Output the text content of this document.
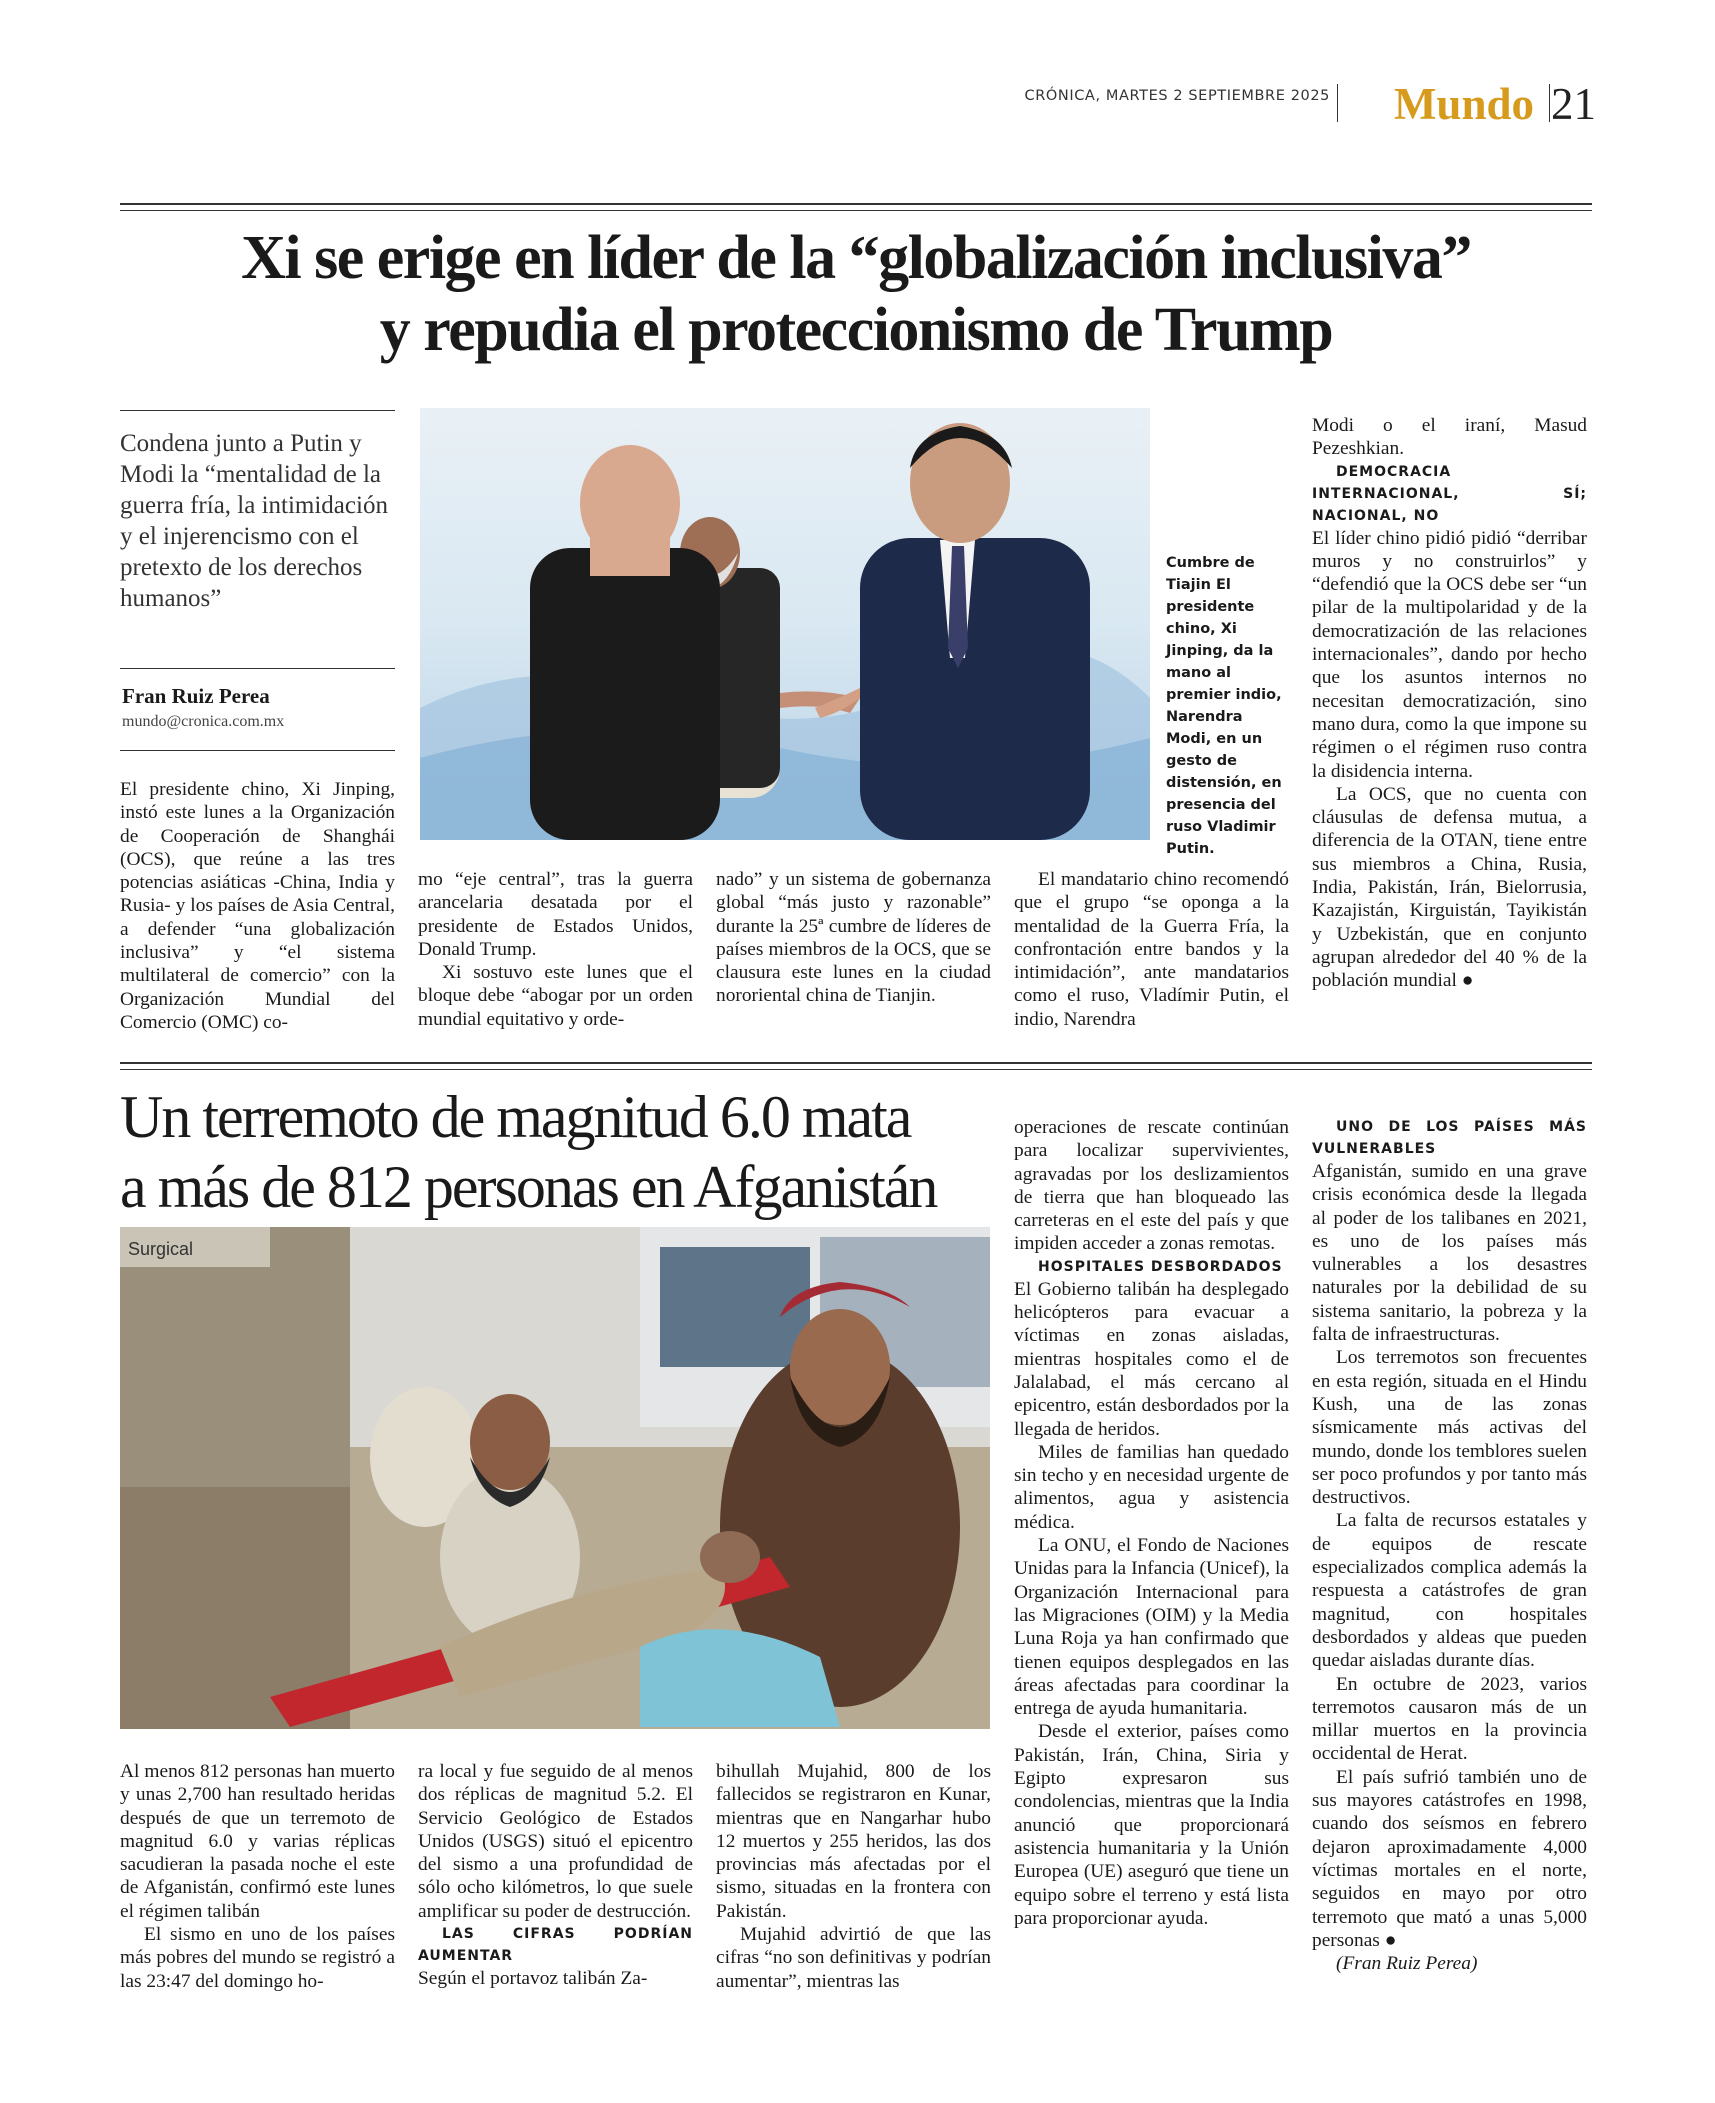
CRÓNICA, MARTES 2 SEPTIEMBRE 2025 Mundo 21
Xi se erige en líder de la “globalización inclusiva”
y repudia el proteccionismo de Trump
Condena junto a Putin y Modi la “mentalidad de la guerra fría, la intimidación y el injerencismo con el pretexto de los derechos humanos”
Fran Ruiz Perea
mundo@cronica.com.mx

El presidente chino, Xi Jinping, instó este lunes a la Organización de Cooperación de Shanghái (OCS), que reúne a las tres potencias asiáticas -China, India y Rusia- y los países de Asia Central, a defender “una globalización inclusiva” y “el sistema multilateral de comercio” con la Organización Mundial del Comercio (OMC) co-

Cumbre de Tiajin El presidente chino, Xi Jinping, da la mano al premier indio, Narendra Modi, en un gesto de distensión, en presencia del ruso Vladimir Putin.

mo “eje central”, tras la guerra arancelaria desatada por el presidente de Estados Unidos, Donald Trump.

Xi sostuvo este lunes que el bloque debe “abogar por un orden mundial equitativo y orde-

nado” y un sistema de gobernanza global “más justo y razonable” durante la 25ª cumbre de líderes de países miembros de la OCS, que se clausura este lunes en la ciudad nororiental china de Tianjin.

El mandatario chino recomendó que el grupo “se oponga a la mentalidad de la Guerra Fría, la confrontación entre bandos y la intimidación”, ante mandatarios como el ruso, Vladímir Putin, el indio, Narendra

Modi o el iraní, Masud Pezeshkian.

DEMOCRACIA INTERNACIONAL, SÍ; NACIONAL, NO

El líder chino pidió pidió “derribar muros y no construirlos” y “defendió que la OCS debe ser “un pilar de la multipolaridad y de la democratización de las relaciones internacionales”, dando por hecho que los asuntos internos no necesitan democratización, sino mano dura, como la que impone su régimen o el régimen ruso contra la disidencia interna.

La OCS, que no cuenta con cláusulas de defensa mutua, a diferencia de la OTAN, tiene entre sus miembros a China, Rusia, India, Pakistán, Irán, Bielorrusia, Kazajistán, Kirguistán, Tayikistán y Uzbekistán, que en conjunto agrupan alrededor del 40 % de la población mundial ●

Un terremoto de magnitud 6.0 mata
a más de 812 personas en Afganistán
Surgical

Al menos 812 personas han muerto y unas 2,700 han resultado heridas después de que un terremoto de magnitud 6.0 y varias réplicas sacudieran la pasada noche el este de Afganistán, confirmó este lunes el régimen talibán

El sismo en uno de los países más pobres del mundo se registró a las 23:47 del domingo ho-

ra local y fue seguido de al menos dos réplicas de magnitud 5.2. El Servicio Geológico de Estados Unidos (USGS) situó el epicentro del sismo a una profundidad de sólo ocho kilómetros, lo que suele amplificar su poder de destrucción.

LAS CIFRAS PODRÍAN AUMENTAR

Según el portavoz talibán Za-

bihullah Mujahid, 800 de los fallecidos se registraron en Kunar, mientras que en Nangarhar hubo 12 muertos y 255 heridos, las dos provincias más afectadas por el sismo, situadas en la frontera con Pakistán.

Mujahid advirtió de que las cifras “no son definitivas y podrían aumentar”, mientras las

operaciones de rescate continúan para localizar supervivientes, agravadas por los deslizamientos de tierra que han bloqueado las carreteras en el este del país y que impiden acceder a zonas remotas.

HOSPITALES DESBORDADOS

El Gobierno talibán ha desplegado helicópteros para evacuar a víctimas en zonas aisladas, mientras hospitales como el de Jalalabad, el más cercano al epicentro, están desbordados por la llegada de heridos.

Miles de familias han quedado sin techo y en necesidad urgente de alimentos, agua y asistencia médica.

La ONU, el Fondo de Naciones Unidas para la Infancia (Unicef), la Organización Internacional para las Migraciones (OIM) y la Media Luna Roja ya han confirmado que tienen equipos desplegados en las áreas afectadas para coordinar la entrega de ayuda humanitaria.

Desde el exterior, países como Pakistán, Irán, China, Siria y Egipto expresaron sus condolencias, mientras que la India anunció que proporcionará asistencia humanitaria y la Unión Europea (UE) aseguró que tiene un equipo sobre el terreno y está lista para proporcionar ayuda.

UNO DE LOS PAÍSES MÁS VULNERABLES

Afganistán, sumido en una grave crisis económica desde la llegada al poder de los talibanes en 2021, es uno de los países más vulnerables a los desastres naturales por la debilidad de su sistema sanitario, la pobreza y la falta de infraestructuras.

Los terremotos son frecuentes en esta región, situada en el Hindu Kush, una de las zonas sísmicamente más activas del mundo, donde los temblores suelen ser poco profundos y por tanto más destructivos.

La falta de recursos estatales y de equipos de rescate especializados complica además la respuesta a catástrofes de gran magnitud, con hospitales desbordados y aldeas que pueden quedar aisladas durante días.

En octubre de 2023, varios terremotos causaron más de un millar muertos en la provincia occidental de Herat.

El país sufrió también uno de sus mayores catástrofes en 1998, cuando dos seísmos en febrero dejaron aproximadamente 4,000 víctimas mortales en el norte, seguidos en mayo por otro terremoto que mató a unas 5,000 personas ●

(Fran Ruiz Perea)
